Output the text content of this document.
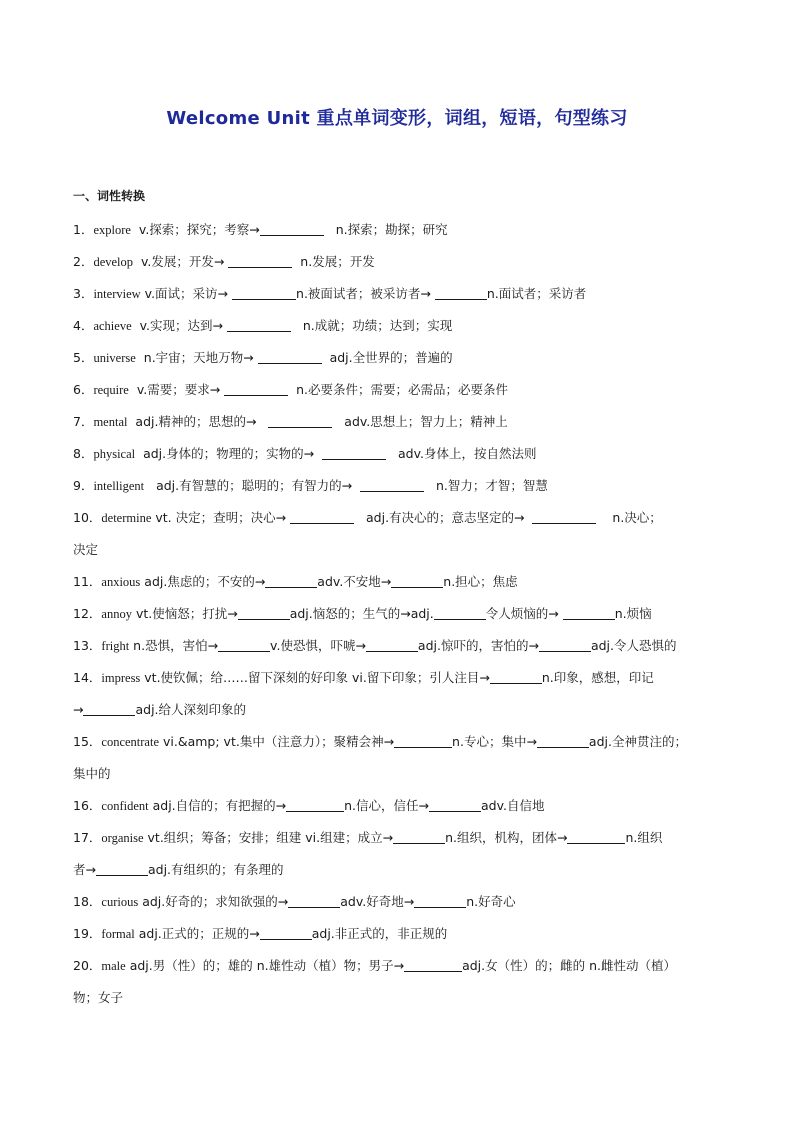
Welcome Unit 重点单词变形，词组，短语，句型练习
一、词性转换
1．explore v.探索；探究；考察→	n.探索；勘探；研究
2．develop v.发展；开发→	n.发展；开发
3．interview v.面试；采访→	n.被面试者；被采访者→	n.面试者；采访者
4．achieve v.实现；达到→	n.成就；功绩；达到；实现
5．universe n.宇宙；天地万物→	adj.全世界的；普遍的
6．require v.需要；要求→	n.必要条件；需要；必需品；必要条件
7．mental adj.精神的；思想的→	adv.思想上；智力上；精神上
8．physical adj.身体的；物理的；实物的→	adv.身体上，按自然法则
9．intelligent adj.有智慧的；聪明的；有智力的→	n.智力；才智；智慧
10．determine vt. 决定；查明；决心→	adj.有决心的；意志坚定的→	n.决心；
决定
11．anxious adj.焦虑的；不安的→	adv.不安地→	n.担心；焦虑
12．annoy vt.使恼怒；打扰→	adj.恼怒的；生气的→adj.	令人烦恼的→	n.烦恼
13．fright n.恐惧，害怕→	v.使恐惧，吓唬→	adj.惊吓的，害怕的→	adj.令人恐惧的
14．impress vt.使钦佩；给……留下深刻的好印象 vi.留下印象；引人注目→	n.印象，感想，印记
→	adj.给人深刻印象的
15．concentrate vi.&amp; vt.集中（注意力）；聚精会神→	n.专心；集中→	adj.全神贯注的；
集中的
16．confident adj.自信的；有把握的→	n.信心，信任→	adv.自信地
17．organise vt.组织；筹备；安排；组建 vi.组建；成立→	n.组织，机构，团体→	n.组织
者→	adj.有组织的；有条理的
18．curious adj.好奇的；求知欲强的→	adv.好奇地→	n.好奇心
19．formal adj.正式的；正规的→	adj.非正式的，非正规的
20．male adj.男（性）的；雄的 n.雄性动（植）物；男子→	adj.女（性）的；雌的 n.雌性动（植）
物；女子
